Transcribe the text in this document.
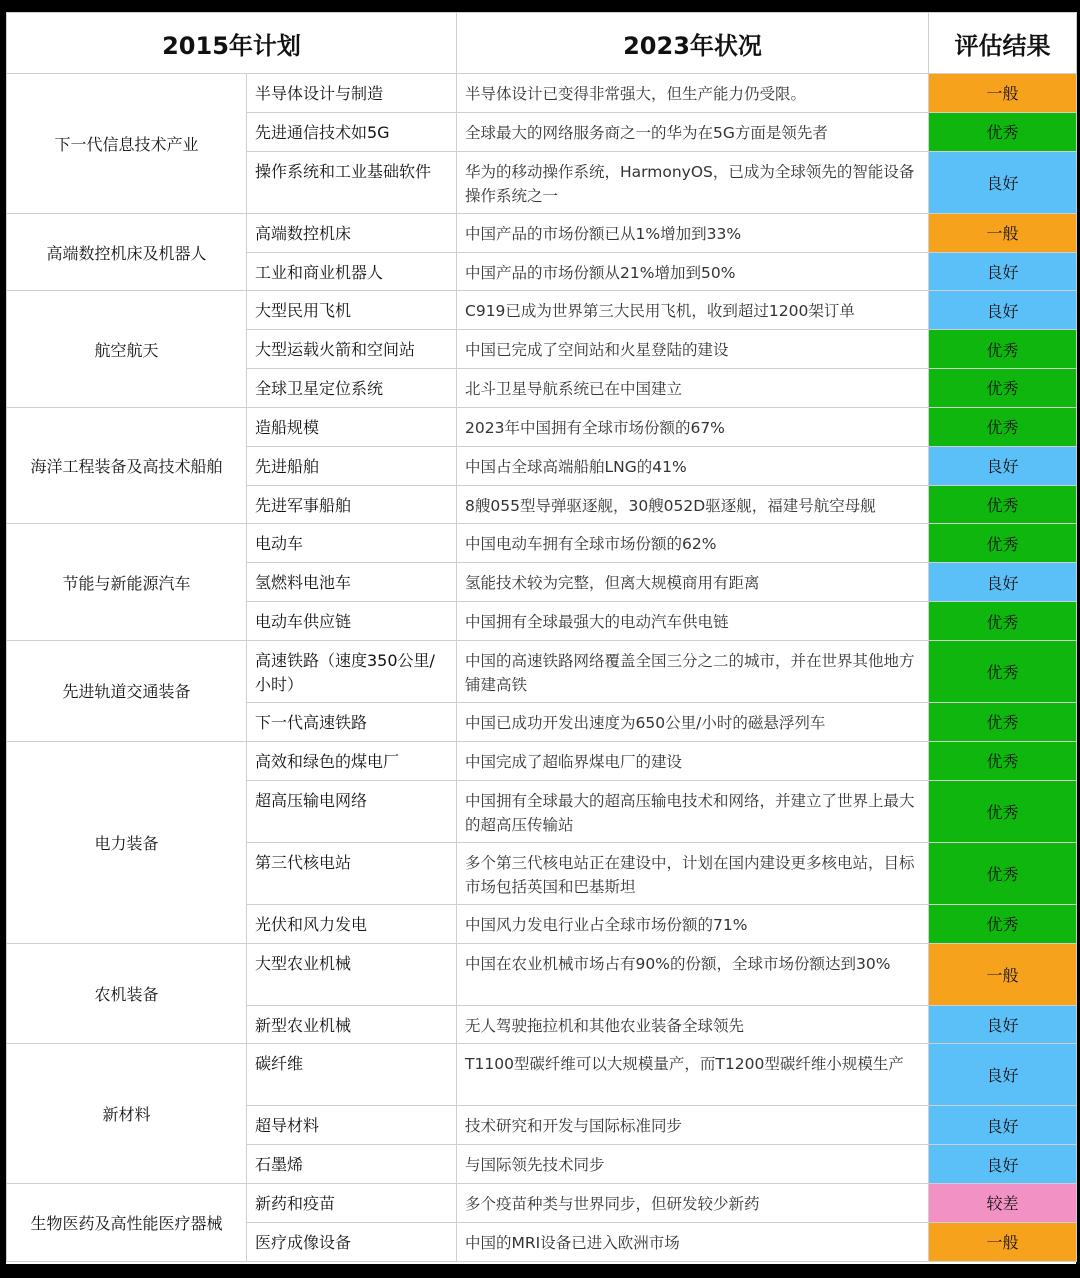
2015年计划		2023年状况	评估结果
下一代信息技术产业	半导体设计与制造	半导体设计已变得非常强大，但生产能力仍受限。	一般
	先进通信技术如5G	全球最大的网络服务商之一的华为在5G方面是领先者	优秀
	操作系统和工业基础软件	华为的移动操作系统，HarmonyOS，已成为全球领先的智能设备操作系统之一	良好
高端数控机床及机器人	高端数控机床	中国产品的市场份额已从1%增加到33%	一般
	工业和商业机器人	中国产品的市场份额从21%增加到50%	良好
航空航天	大型民用飞机	C919已成为世界第三大民用飞机，收到超过1200架订单	良好
	大型运载火箭和空间站	中国已完成了空间站和火星登陆的建设	优秀
	全球卫星定位系统	北斗卫星导航系统已在中国建立	优秀
海洋工程装备及高技术船舶	造船规模	2023年中国拥有全球市场份额的67%	优秀
	先进船舶	中国占全球高端船舶LNG的41%	良好
	先进军事船舶	8艘055型导弹驱逐舰，30艘052D驱逐舰，福建号航空母舰	优秀
节能与新能源汽车	电动车	中国电动车拥有全球市场份额的62%	优秀
	氢燃料电池车	氢能技术较为完整，但离大规模商用有距离	良好
	电动车供应链	中国拥有全球最强大的电动汽车供电链	优秀
先进轨道交通装备	高速铁路（速度350公里/小时）	中国的高速铁路网络覆盖全国三分之二的城市，并在世界其他地方铺建高铁	优秀
	下一代高速铁路	中国已成功开发出速度为650公里/小时的磁悬浮列车	优秀
电力装备	高效和绿色的煤电厂	中国完成了超临界煤电厂的建设	优秀
	超高压输电网络	中国拥有全球最大的超高压输电技术和网络，并建立了世界上最大的超高压传输站	优秀
	第三代核电站	多个第三代核电站正在建设中，计划在国内建设更多核电站，目标市场包括英国和巴基斯坦	优秀
	光伏和风力发电	中国风力发电行业占全球市场份额的71%	优秀
农机装备	大型农业机械	中国在农业机械市场占有90%的份额，全球市场份额达到30%	一般
	新型农业机械	无人驾驶拖拉机和其他农业装备全球领先	良好
新材料	碳纤维	T1100型碳纤维可以大规模量产，而T1200型碳纤维小规模生产	良好
	超导材料	技术研究和开发与国际标准同步	良好
	石墨烯	与国际领先技术同步	良好
生物医药及高性能医疗器械	新药和疫苗	多个疫苗种类与世界同步，但研发较少新药	较差
	医疗成像设备	中国的MRI设备已进入欧洲市场	一般
